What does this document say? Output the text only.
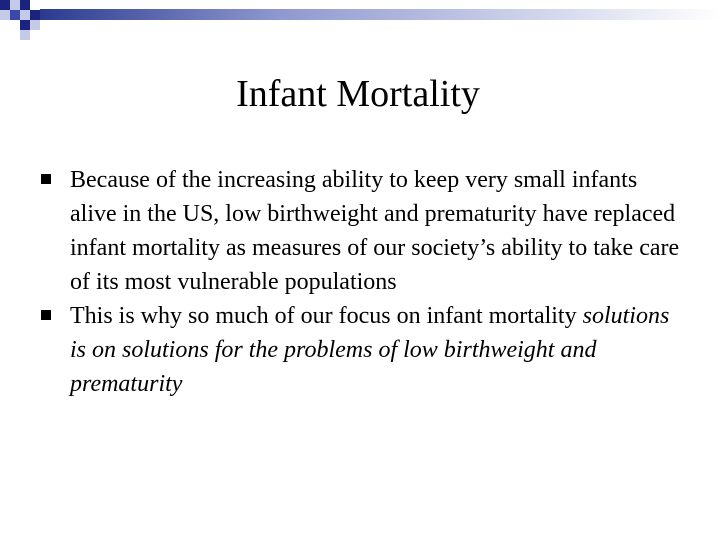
Infant Mortality
Because of the increasing ability to keep very small infants alive in the US, low birthweight and prematurity have replaced infant mortality as measures of our society’s ability to take care of its most vulnerable populations
This is why so much of our focus on infant mortality solutions is on solutions for the problems of low birthweight and prematurity
